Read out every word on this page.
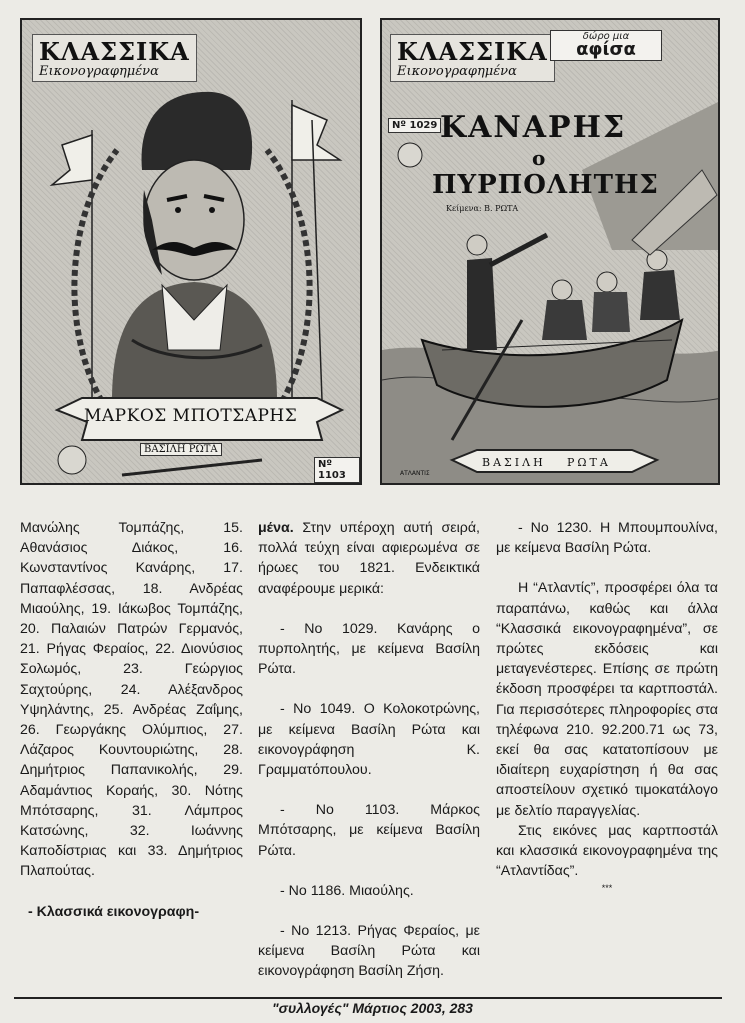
ΚΛΑΣΣΙΚΑ
Εικονογραφημένα
ΜΑΡΚΟΣ ΜΠΟΤΣΑΡΗΣ
ΒΑΣΙΛΗ ΡΩΤΑ
Nº 1103
ΚΛΑΣΣΙΚΑ
Εικονογραφημένα
δώρο μια
αφίσα
Nº 1029 ΚΑΝΑΡΗΣ
ο
ΠΥΡΠΟΛΗΤΗΣ
Κείμενα: Β. ΡΩΤΑ
ΒΑΣΙΛΗ ΡΩΤΑ
ΑΤΛΑΝΤΙΣ

Μανώλης Τομπάζης, 15. Αθανάσιος Διάκος, 16. Κωνσταντίνος Κανάρης, 17. Παπαφλέσσας, 18. Ανδρέας Μιαούλης, 19. Ιάκωβος Τομπάζης, 20. Παλαιών Πατρών Γερμανός, 21. Ρήγας Φεραίος, 22. Διονύσιος Σολωμός, 23. Γεώργιος Σαχτούρης, 24. Αλέξανδρος Υψηλάντης, 25. Ανδρέας Ζαΐμης, 26. Γεωργάκης Ολύμπιος, 27. Λάζαρος Κουντουριώτης, 28. Δημήτριος Παπανικολής, 29. Αδαμάντιος Κοραής, 30. Νότης Μπότσαρης, 31. Λάμπρος Κατσώνης, 32. Ιωάννης Καποδίστριας και 33. Δημήτριος Πλαπούτας.

- Κλασσικά εικονογραφη-

μένα. Στην υπέροχη αυτή σειρά, πολλά τεύχη είναι αφιερωμένα σε ήρωες του 1821. Ενδεικτικά αναφέρουμε μερικά:

- Νο 1029. Κανάρης ο πυρπολητής, με κείμενα Βασίλη Ρώτα.

- Νο 1049. Ο Κολοκοτρώνης, με κείμενα Βασίλη Ρώτα και εικονογράφηση Κ. Γραμματόπουλου.

- Νο 1103. Μάρκος Μπότσαρης, με κείμενα Βασίλη Ρώτα.

- Νο 1186. Μιαούλης.

- Νο 1213. Ρήγας Φεραίος, με κείμενα Βασίλη Ρώτα και εικονογράφηση Βασίλη Ζήση.

- Νο 1230. Η Μπουμπουλίνα, με κείμενα Βασίλη Ρώτα.

Η “Ατλαντίς”, προσφέρει όλα τα παραπάνω, καθώς και άλλα “Κλασσικά εικονογραφημένα”, σε πρώτες εκδόσεις και μεταγενέστερες. Επίσης σε πρώτη έκδοση προσφέρει τα καρτποστάλ. Για περισσότερες πληροφορίες στα τηλέφωνα 210. 92.200.71 ως 73, εκεί θα σας κατατοπίσουν με ιδιαίτερη ευχαρίστηση ή θα σας αποστείλουν σχετικό τιμοκατάλογο με δελτίο παραγγελίας.

Στις εικόνες μας καρτποστάλ και κλασσικά εικονογραφημένα της “Ατλαντίδας”.

***

"συλλογές" Μάρτιος 2003, 283
